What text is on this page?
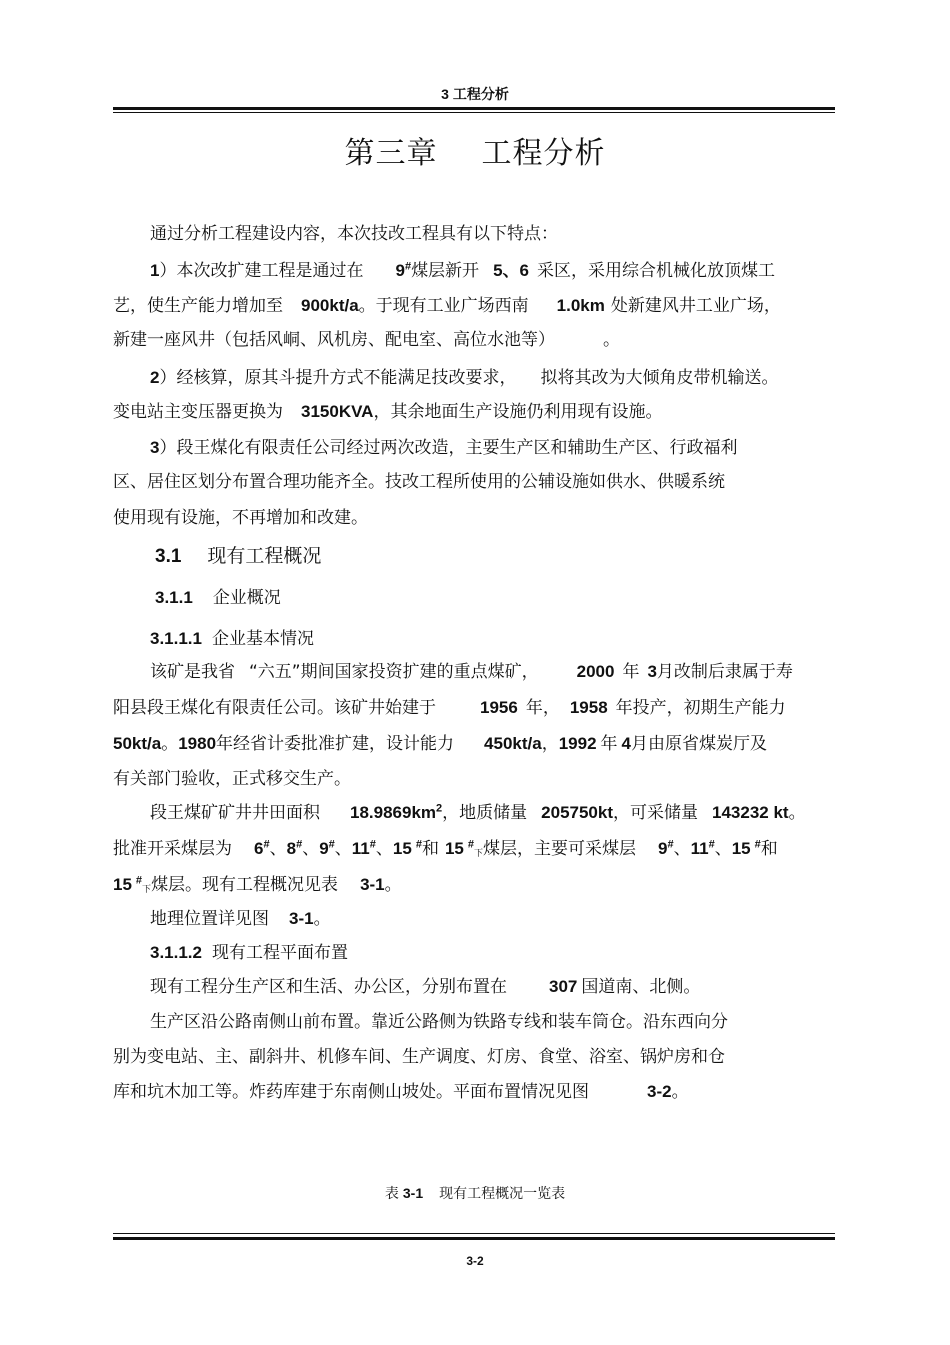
3 工程分析
第三章 工程分析
通过分析工程建设内容，本次技改工程具有以下特点：
1）本次改扩建工程是通过在 9#煤层新开 5、6 采区，采用综合机械化放顶煤工
艺，使生产能力增加至 900kt/a。于现有工业广场西南 1.0km 处新建风井工业广场，
新建一座风井（包括风峒、风机房、配电室、高位水池等）	。
2）经核算，原其斗提升方式不能满足技改要求， 拟将其改为大倾角皮带机输送。
变电站主变压器更换为 3150KVA，其余地面生产设施仍利用现有设施。
3）段王煤化有限责任公司经过两次改造，主要生产区和辅助生产区、行政福利
区、居住区划分布置合理功能齐全。技改工程所使用的公辅设施如供水、供暖系统
使用现有设施，不再增加和改建。
3.1 现有工程概况
3.1.1 企业概况
3.1.1.1 企业基本情况
该矿是我省 “六五”期间国家投资扩建的重点煤矿， 2000 年 3月改制后隶属于寿
阳县段王煤化有限责任公司。该矿井始建于	1956 年， 1958 年投产，初期生产能力
50kt/a。1980年经省计委批准扩建，设计能力 450kt/a，1992 年 4月由原省煤炭厅及
有关部门验收，正式移交生产。
段王煤矿矿井井田面积 $18.9869km^2$，地质储量 205750kt，可采储量 143232 kt。
批准开采煤层为 6#、8#、9#、11#、15 #和 15 #$_下$煤层，主要可采煤层 9#、11#、15 #和
15 #$_下$煤层。现有工程概况见表 3-1。
地理位置详见图 3-1。
3.1.1.2 现有工程平面布置
现有工程分生产区和生活、办公区，分别布置在 307 国道南、北侧。
生产区沿公路南侧山前布置。靠近公路侧为铁路专线和装车筒仓。沿东西向分
别为变电站、主、副斜井、机修车间、生产调度、灯房、食堂、浴室、锅炉房和仓
库和坑木加工等。炸药库建于东南侧山坡处。平面布置情况见图	3-2。
表 3-1 现有工程概况一览表
3-2
